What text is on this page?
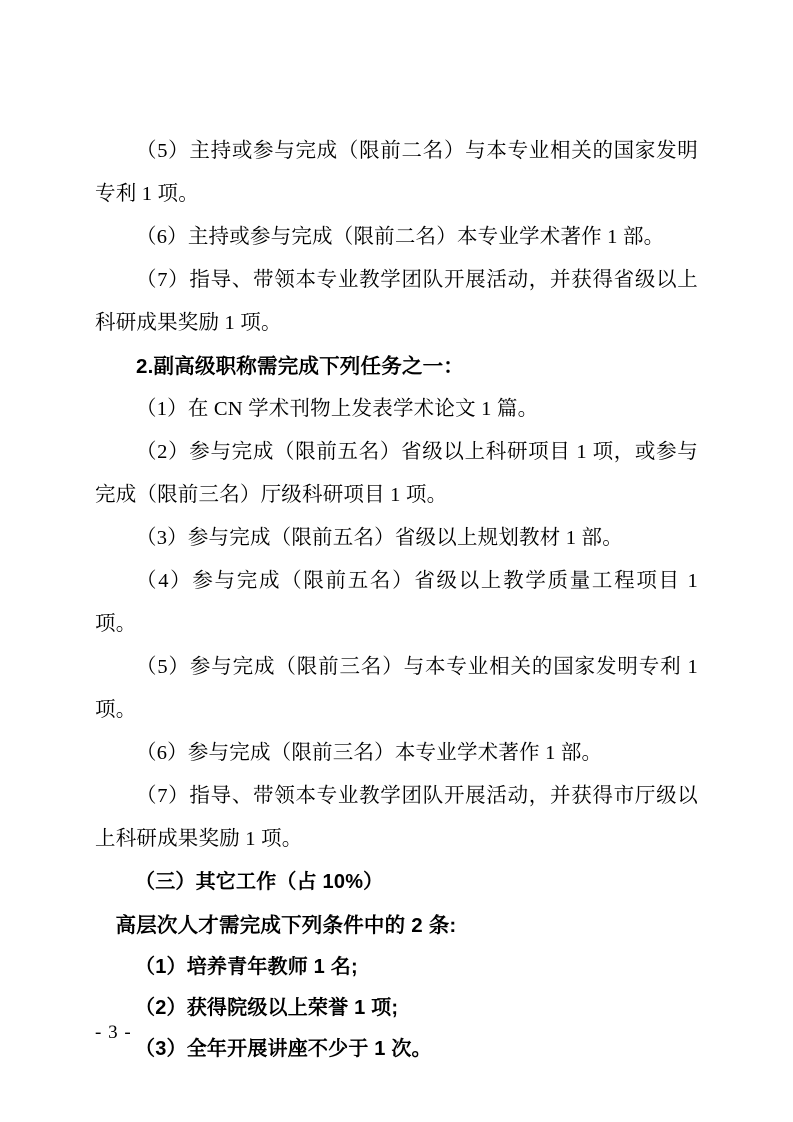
（5）主持或参与完成（限前二名）与本专业相关的国家发明专利 1 项。

（6）主持或参与完成（限前二名）本专业学术著作 1 部。

（7）指导、带领本专业教学团队开展活动，并获得省级以上科研成果奖励 1 项。

2.副高级职称需完成下列任务之一：

（1）在 CN 学术刊物上发表学术论文 1 篇。

（2）参与完成（限前五名）省级以上科研项目 1 项，或参与完成（限前三名）厅级科研项目 1 项。

（3）参与完成（限前五名）省级以上规划教材 1 部。

（4）参与完成（限前五名）省级以上教学质量工程项目 1 项。

（5）参与完成（限前三名）与本专业相关的国家发明专利 1 项。

（6）参与完成（限前三名）本专业学术著作 1 部。

（7）指导、带领本专业教学团队开展活动，并获得市厅级以上科研成果奖励 1 项。

（三）其它工作（占 10%）

高层次人才需完成下列条件中的 2 条:

（1）培养青年教师 1 名;

（2）获得院级以上荣誉 1 项;

（3）全年开展讲座不少于 1 次。

- 3 -
